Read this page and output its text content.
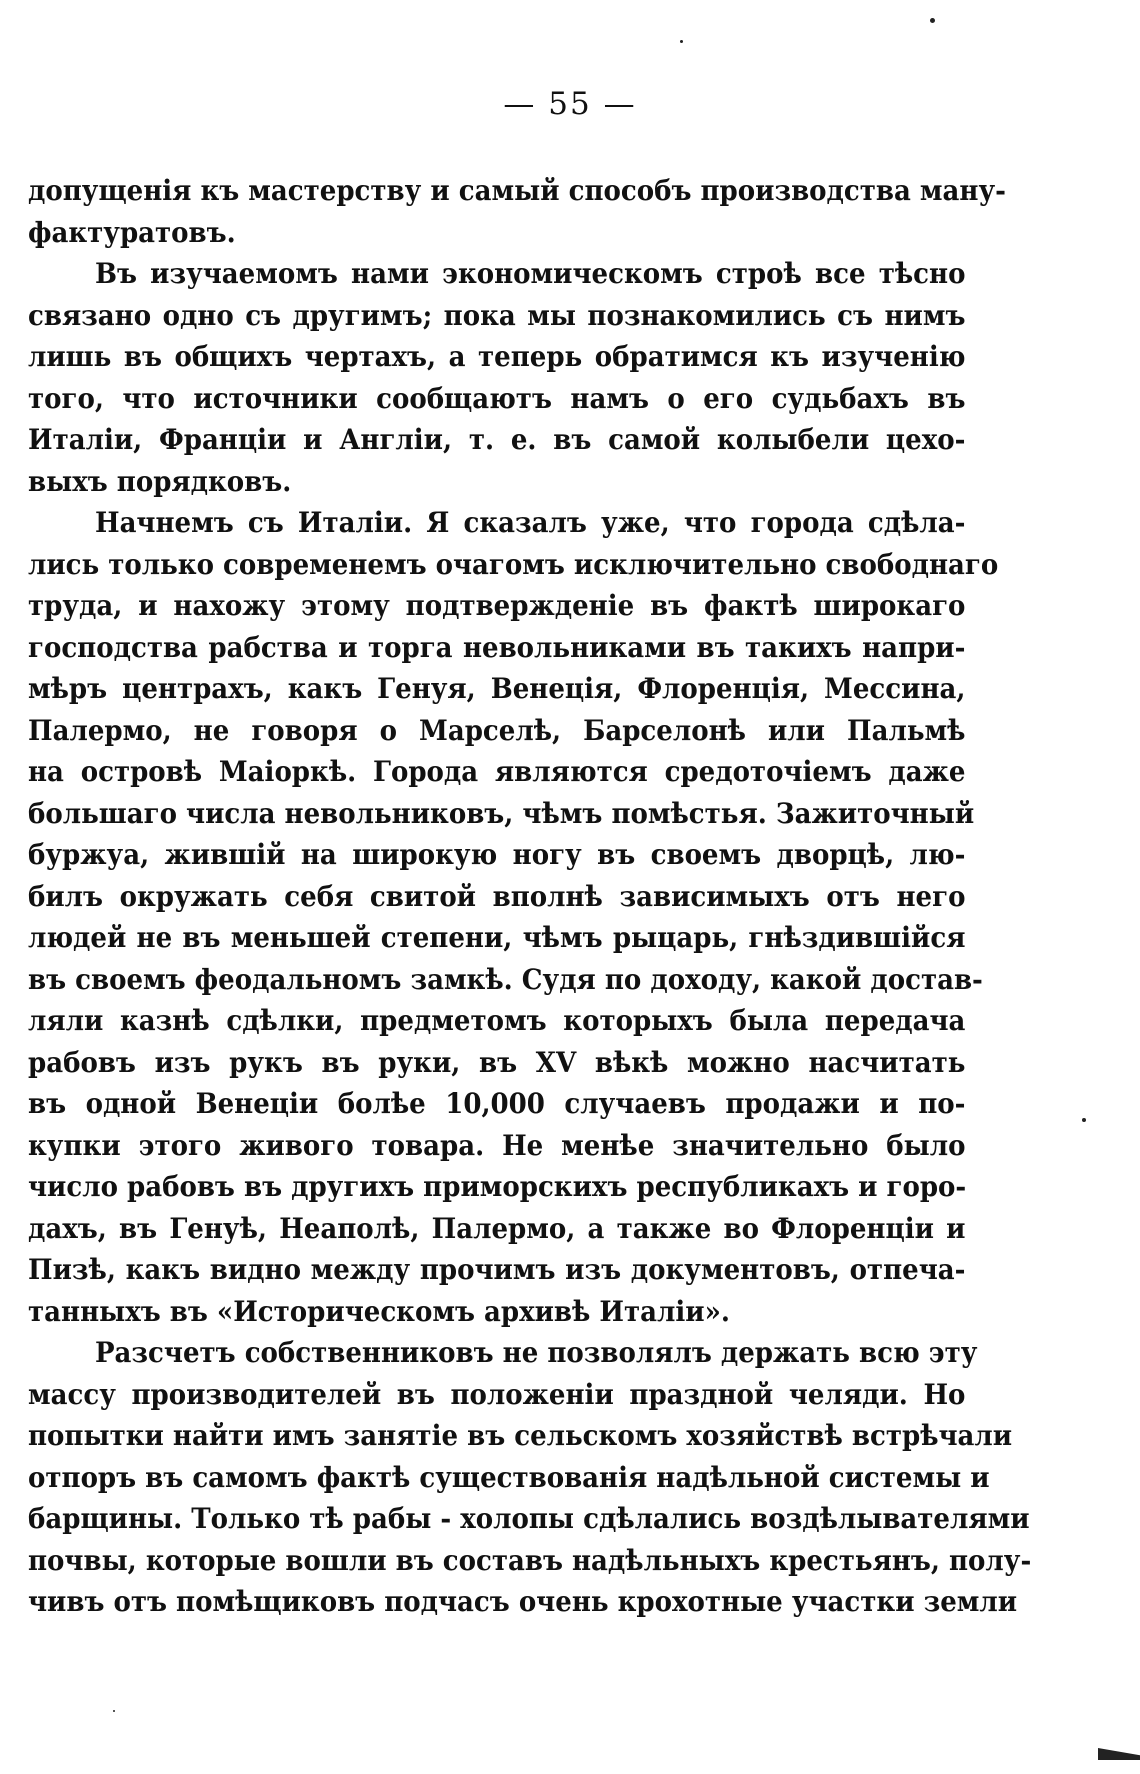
— 55 —
допущенія къ мастерству и самый способъ производства ману-
фактуратовъ.
Въ изучаемомъ нами экономическомъ строѣ все тѣсно
связано одно съ другимъ; пока мы познакомились съ нимъ
лишь въ общихъ чертахъ, а теперь обратимся къ изученію
того, что источники сообщаютъ намъ о его судьбахъ въ
Италіи, Франціи и Англіи, т. е. въ самой колыбели цехо-
выхъ порядковъ.
Начнемъ съ Италіи. Я сказалъ уже, что города сдѣла-
лись только современемъ очагомъ исключительно свободнаго
труда, и нахожу этому подтвержденіе въ фактѣ широкаго
господства рабства и торга невольниками въ такихъ напри-
мѣръ центрахъ, какъ Генуя, Венеція, Флоренція, Мессина,
Палермо, не говоря о Марселѣ, Барселонѣ или Пальмѣ
на островѣ Маіоркѣ. Города являются средоточіемъ даже
большаго числа невольниковъ, чѣмъ помѣстья. Зажиточный
буржуа, жившій на широкую ногу въ своемъ дворцѣ, лю-
билъ окружать себя свитой вполнѣ зависимыхъ отъ него
людей не въ меньшей степени, чѣмъ рыцарь, гнѣздившійся
въ своемъ феодальномъ замкѣ. Судя по доходу, какой достав-
ляли казнѣ сдѣлки, предметомъ которыхъ была передача
рабовъ изъ рукъ въ руки, въ XV вѣкѣ можно насчитать
въ одной Венеціи болѣе 10,000 случаевъ продажи и по-
купки этого живого товара. Не менѣе значительно было
число рабовъ въ другихъ приморскихъ республикахъ и горо-
дахъ, въ Генуѣ, Неаполѣ, Палермо, а также во Флоренціи и
Пизѣ, какъ видно между прочимъ изъ документовъ, отпеча-
танныхъ въ «Историческомъ архивѣ Италіи».
Разсчетъ собственниковъ не позволялъ держать всю эту
массу производителей въ положеніи праздной челяди. Но
попытки найти имъ занятіе въ сельскомъ хозяйствѣ встрѣчали
отпоръ въ самомъ фактѣ существованія надѣльной системы и
барщины. Только тѣ рабы - холопы сдѣлались воздѣлывателями
почвы, которые вошли въ составъ надѣльныхъ крестьянъ, полу-
чивъ отъ помѣщиковъ подчасъ очень крохотные участки земли
